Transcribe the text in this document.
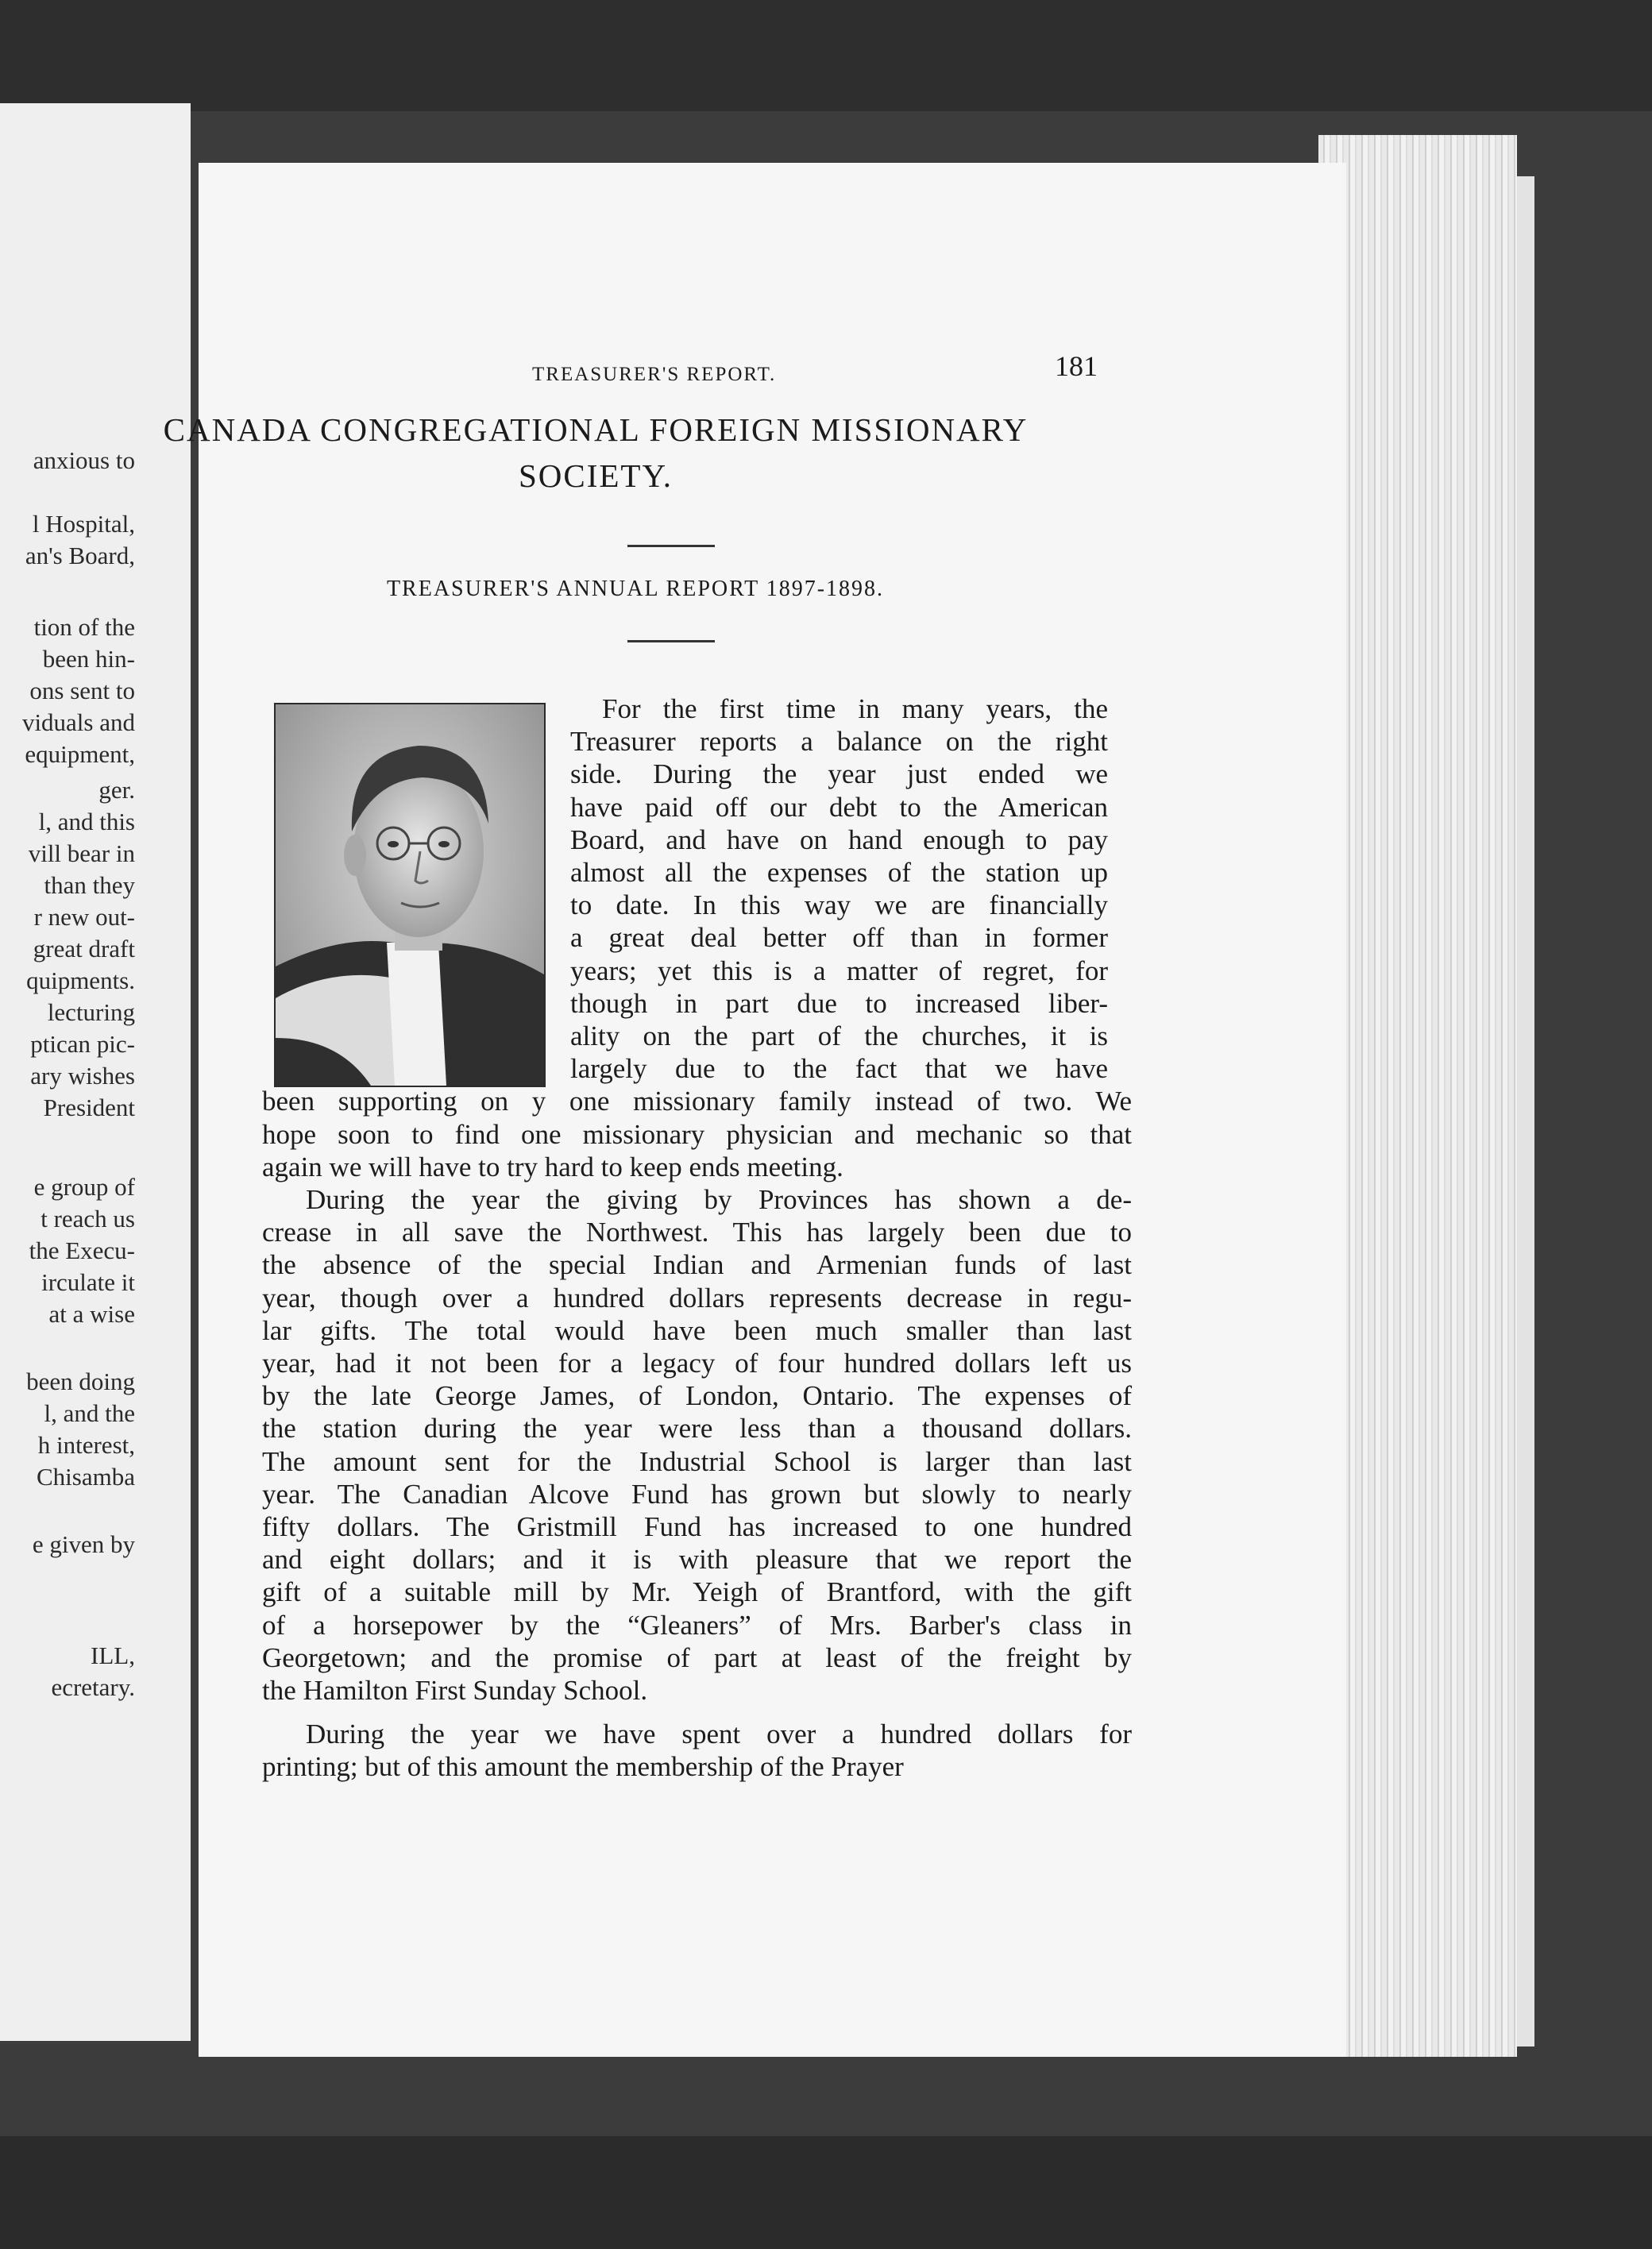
anxious to
l Hospital,
an's Board,
tion of the
been hin-
ons sent to
viduals and
equipment,
ger.
l, and this
vill bear in
than they
r new out-
great draft
quipments.
lecturing
ptican pic-
ary wishes
President
e group of
t reach us
the Execu-
irculate it
at a wise
been doing
l, and the
h interest,
Chisamba
e given by
ILL,
ecretary.
TREASURER'S REPORT.	181
CANADA CONGREGATIONAL FOREIGN MISSIONARY
SOCIETY.
TREASURER'S ANNUAL REPORT 1897-1898.
For the first time in many years, the
Treasurer reports a balance on the right
side. During the year just ended we
have paid off our debt to the American
Board, and have on hand enough to pay
almost all the expenses of the station up
to date. In this way we are financially
a great deal better off than in former
years; yet this is a matter of regret, for
though in part due to increased liber-
ality on the part of the churches, it is
largely due to the fact that we have
been supporting on y one missionary family instead of two. We
hope soon to find one missionary physician and mechanic so that
again we will have to try hard to keep ends meeting.
During the year the giving by Provinces has shown a de-
crease in all save the Northwest. This has largely been due to
the absence of the special Indian and Armenian funds of last
year, though over a hundred dollars represents decrease in regu-
lar gifts. The total would have been much smaller than last
year, had it not been for a legacy of four hundred dollars left us
by the late George James, of London, Ontario. The expenses of
the station during the year were less than a thousand dollars.
The amount sent for the Industrial School is larger than last
year. The Canadian Alcove Fund has grown but slowly to nearly
fifty dollars. The Gristmill Fund has increased to one hundred
and eight dollars; and it is with pleasure that we report the
gift of a suitable mill by Mr. Yeigh of Brantford, with the gift
of a horsepower by the “Gleaners” of Mrs. Barber's class in
Georgetown; and the promise of part at least of the freight by
the Hamilton First Sunday School.
During the year we have spent over a hundred dollars for
printing; but of this amount the membership of the Prayer
